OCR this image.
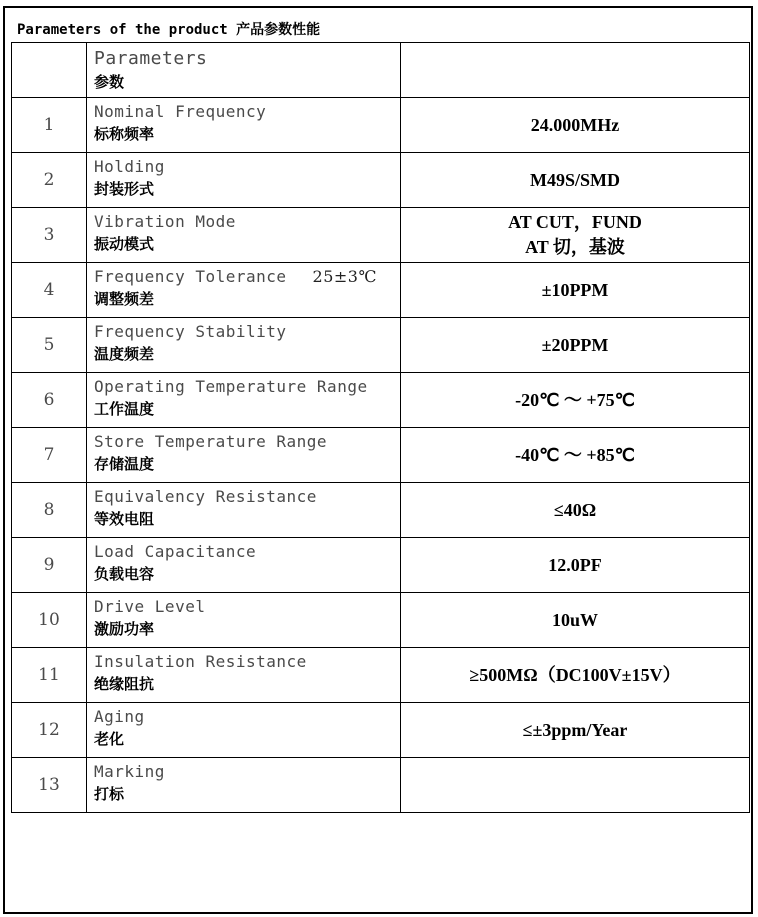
Parameters of the product 产品参数性能

	Parameters
参数	

1	Nominal Frequency
标称频率	24.000MHz

2	Holding
封装形式	M49S/SMD

3	Vibration Mode
振动模式	AT CUT，FUND
AT 切，基波

4	Frequency Tolerance 25±3℃
调整频差	±10PPM

5	Frequency Stability
温度频差	±20PPM

6	Operating Temperature Range
工作温度	-20℃ ～ +75℃

7	Store Temperature Range
存储温度	-40℃ ～ +85℃

8	Equivalency Resistance
等效电阻	≤40Ω

9	Load Capacitance
负载电容	12.0PF

10	Drive Level
激励功率	10uW

11	Insulation Resistance
绝缘阻抗	≥500MΩ（DC100V±15V）

12	Aging
老化	≤±3ppm/Year

13	Marking
打标	
